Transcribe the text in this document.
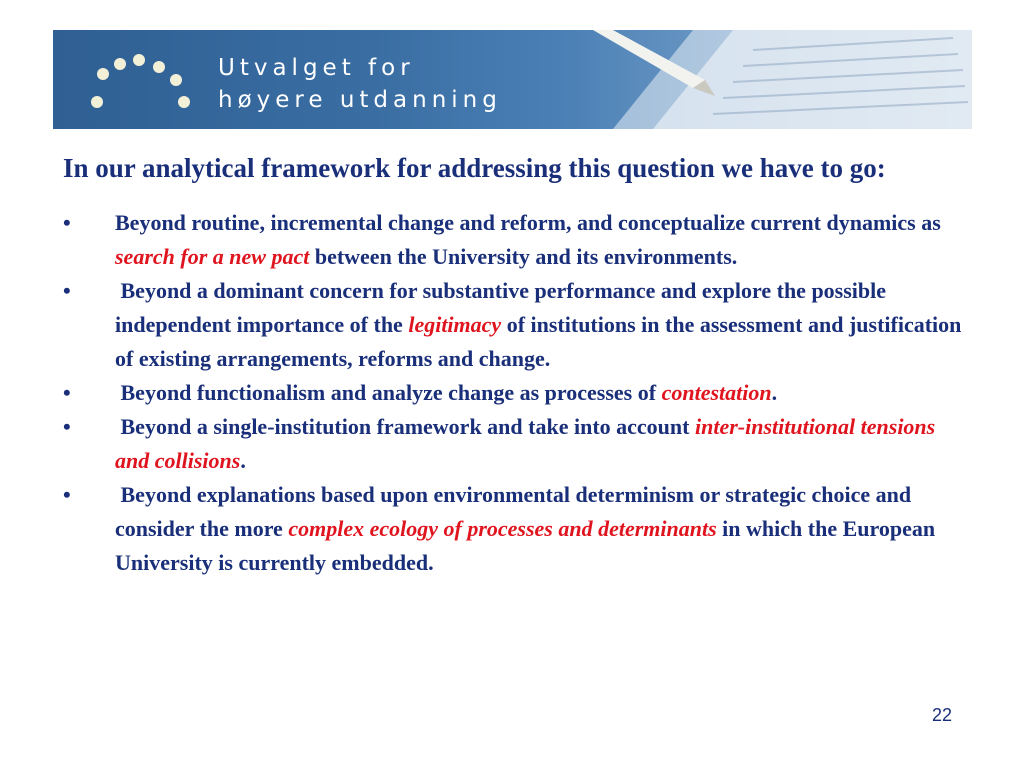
Utvalget for
høyere utdanning

In our analytical framework for addressing this question we have to go:

• Beyond routine, incremental change and reform, and conceptualize current dynamics as search for a new pact between the University and its environments.
• Beyond a dominant concern for substantive performance and explore the possible independent importance of the legitimacy of institutions in the assessment and justification of existing arrangements, reforms and change.
• Beyond functionalism and analyze change as processes of contestation.
• Beyond a single-institution framework and take into account inter-institutional tensions and collisions.
• Beyond explanations based upon environmental determinism or strategic choice and consider the more complex ecology of processes and determinants in which the European University is currently embedded.
22
